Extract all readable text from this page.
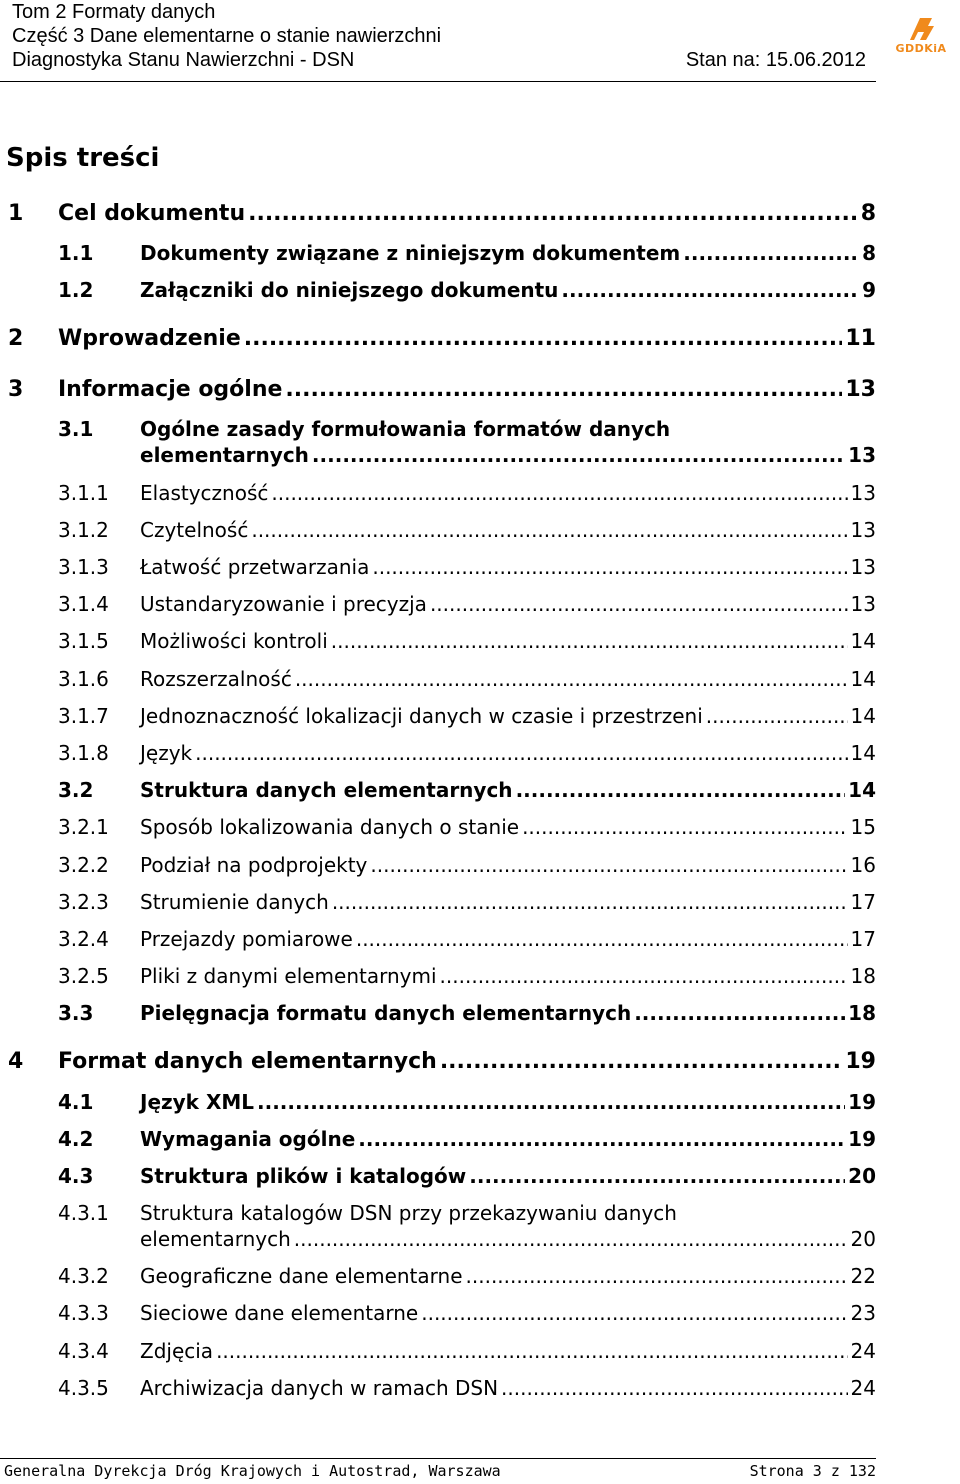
Tom 2 Formaty danych
Część 3 Dane elementarne o stanie nawierzchni
Diagnostyka Stanu Nawierzchni - DSN	Stan na: 15.06.2012
GDDKiA
Spis treści
1 Cel dokumentu .....	8
1.1 Dokumenty związane z niniejszym dokumentem .....	8
1.2 Załączniki do niniejszego dokumentu .....	9
2 Wprowadzenie .....	11
3 Informacje ogólne .....	13
3.1 Ogólne zasady formułowania formatów danych
elementarnych .....	13
3.1.1 Elastyczność .....	13
3.1.2 Czytelność .....	13
3.1.3 Łatwość przetwarzania .....	13
3.1.4 Ustandaryzowanie i precyzja .....	13
3.1.5 Możliwości kontroli .....	14
3.1.6 Rozszerzalność .....	14
3.1.7 Jednoznaczność lokalizacji danych w czasie i przestrzeni .....	14
3.1.8 Język .....	14
3.2 Struktura danych elementarnych .....	14
3.2.1 Sposób lokalizowania danych o stanie .....	15
3.2.2 Podział na podprojekty .....	16
3.2.3 Strumienie danych .....	17
3.2.4 Przejazdy pomiarowe .....	17
3.2.5 Pliki z danymi elementarnymi .....	18
3.3 Pielęgnacja formatu danych elementarnych .....	18
4 Format danych elementarnych .....	19
4.1 Język XML .....	19
4.2 Wymagania ogólne .....	19
4.3 Struktura plików i katalogów .....	20
4.3.1 Struktura katalogów DSN przy przekazywaniu danych
elementarnych .....	20
4.3.2 Geograficzne dane elementarne .....	22
4.3.3 Sieciowe dane elementarne .....	23
4.3.4 Zdjęcia .....	24
4.3.5 Archiwizacja danych w ramach DSN .....	24
Generalna Dyrekcja Dróg Krajowych i Autostrad, Warszawa	Strona 3 z 132
